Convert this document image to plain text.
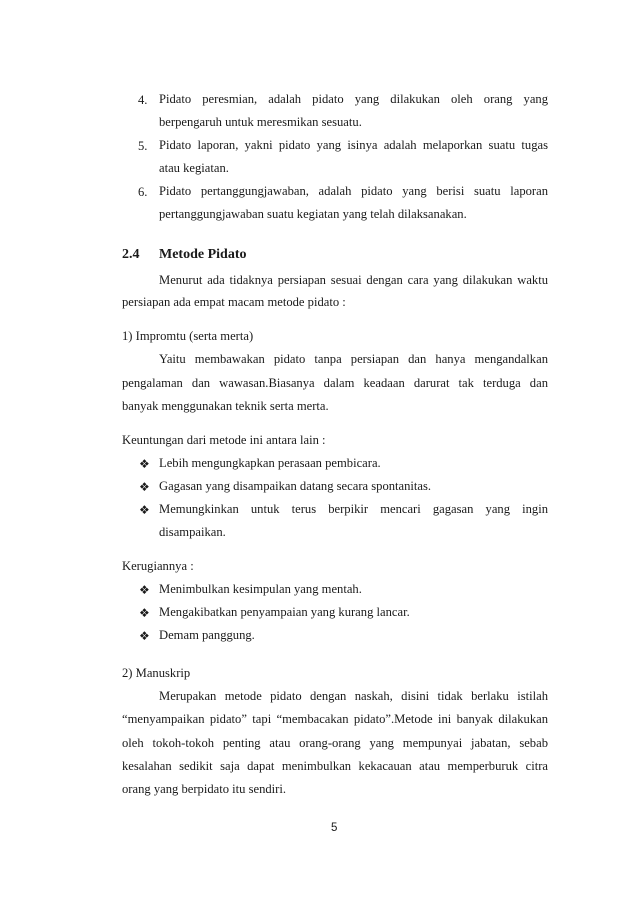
4. Pidato peresmian, adalah pidato yang dilakukan oleh orang yang
berpengaruh untuk meresmikan sesuatu.
5. Pidato laporan, yakni pidato yang isinya adalah melaporkan suatu tugas
atau kegiatan.
6. Pidato pertanggungjawaban, adalah pidato yang berisi suatu laporan
pertanggungjawaban suatu kegiatan yang telah dilaksanakan.
2.4 Metode Pidato
Menurut ada tidaknya persiapan sesuai dengan cara yang dilakukan waktu
persiapan ada empat macam metode pidato :
1) Impromtu (serta merta)
Yaitu membawakan pidato tanpa persiapan dan hanya mengandalkan
pengalaman dan wawasan.Biasanya dalam keadaan darurat tak terduga dan
banyak menggunakan teknik serta merta.
Keuntungan dari metode ini antara lain :
❖ Lebih mengungkapkan perasaan pembicara.
❖ Gagasan yang disampaikan datang secara spontanitas.
❖ Memungkinkan untuk terus berpikir mencari gagasan yang ingin
disampaikan.
Kerugiannya :
❖ Menimbulkan kesimpulan yang mentah.
❖ Mengakibatkan penyampaian yang kurang lancar.
❖ Demam panggung.
2) Manuskrip
Merupakan metode pidato dengan naskah, disini tidak berlaku istilah
“menyampaikan pidato” tapi “membacakan pidato”.Metode ini banyak dilakukan
oleh tokoh-tokoh penting atau orang-orang yang mempunyai jabatan, sebab
kesalahan sedikit saja dapat menimbulkan kekacauan atau memperburuk citra
orang yang berpidato itu sendiri.
5
